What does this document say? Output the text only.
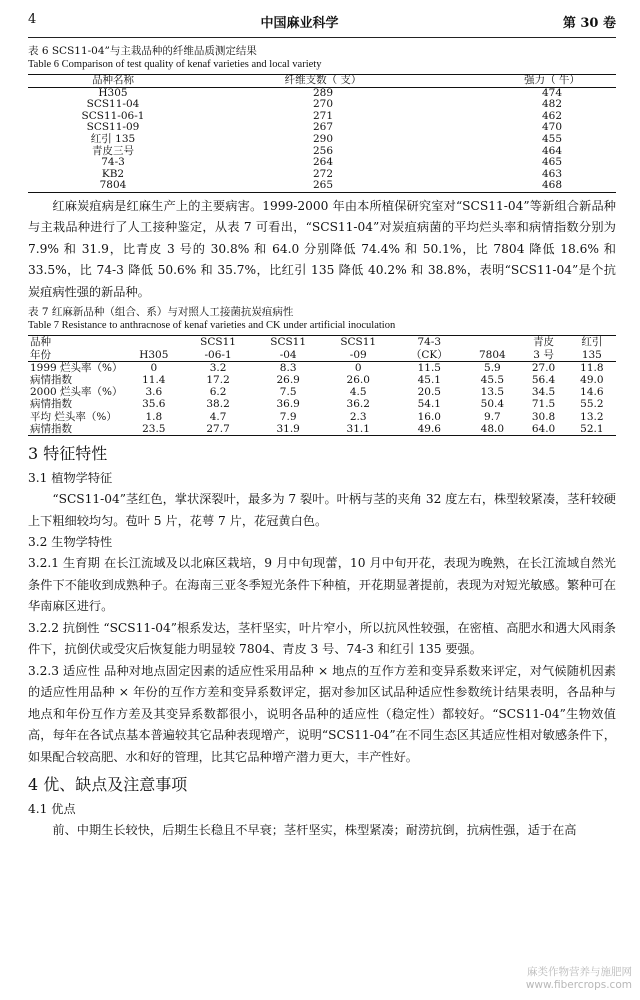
4	中国麻业科学	第 30 卷
表 6 SCS11-04”与主栽品种的纤维品质测定结果
Table 6 Comparison of test quality of kenaf varieties and local variety
品种名称	纤维支数（ 支）	强力（ 牛）
H305	289	474
SCS11-04	270	482
SCS11-06-1	271	462
SCS11-09	267	470
红引 135	290	455
青皮三号	256	464
74-3	264	465
KB2	272	463
7804	265	468

红麻炭疽病是红麻生产上的主要病害。1999-2000 年由本所植保研究室对“SCS11-04”等新组合新品种与主栽品种进行了人工接种鉴定，从表 7 可看出，“SCS11-04”对炭疽病菌的平均烂头率和病情指数分别为 7.9% 和 31.9，比青皮 3 号的 30.8% 和 64.0 分别降低 74.4% 和 50.1%，比 7804 降低 18.6% 和 33.5%，比 74-3 降低 50.6% 和 35.7%，比红引 135 降低 40.2% 和 38.8%，表明“SCS11-04”是个抗炭疽病性强的新品种。

表 7 红麻新品种（组合、系）与对照人工接菌抗炭疽病性
Table 7 Resistance to anthracnose of kenaf varieties and CK under artificial inoculation
品种		SCS11	SCS11	SCS11	74-3		青皮	红引
年份	H305	-06-1	-04	-09	（CK）	7804	3 号	135
1999 烂头率（%）	0	3.2	8.3	0	11.5	5.9	27.0	11.8
病情指数	11.4	17.2	26.9	26.0	45.1	45.5	56.4	49.0
2000 烂头率（%）	3.6	6.2	7.5	4.5	20.5	13.5	34.5	14.6
病情指数	35.6	38.2	36.9	36.2	54.1	50.4	71.5	55.2
平均 烂头率（%）	1.8	4.7	7.9	2.3	16.0	9.7	30.8	13.2
病情指数	23.5	27.7	31.9	31.1	49.6	48.0	64.0	52.1
3 特征特性
3.1 植物学特征

“SCS11-04”茎红色，掌状深裂叶，最多为 7 裂叶。叶柄与茎的夹角 32 度左右，株型较紧凑，茎秆较硬上下粗细较均匀。苞叶 5 片，花萼 7 片，花冠黄白色。

3.2 生物学特性

3.2.1 生育期 在长江流域及以北麻区栽培，9 月中旬现蕾，10 月中旬开花，表现为晚熟，在长江流域自然光条件下不能收到成熟种子。在海南三亚冬季短光条件下种植，开花期显著提前，表现为对短光敏感。繁种可在华南麻区进行。

3.2.2 抗倒性 “SCS11-04”根系发达，茎杆坚实，叶片窄小，所以抗风性较强，在密植、高肥水和遇大风雨条件下，抗倒伏或受灾后恢复能力明显较 7804、青皮 3 号、74-3 和红引 135 要强。

3.2.3 适应性 品种对地点固定因素的适应性采用品种 × 地点的互作方差和变异系数来评定，对气候随机因素的适应性用品种 × 年份的互作方差和变异系数评定，据对参加区试品种适应性参数统计结果表明，各品种与地点和年份互作方差及其变异系数都很小，说明各品种的适应性（稳定性）都较好。“SCS11-04”生物效值高，每年在各试点基本普遍较其它品种表现增产，说明“SCS11-04”在不同生态区其适应性相对敏感条件下，如果配合较高肥、水和好的管理，比其它品种增产潜力更大，丰产性好。

4 优、缺点及注意事项
4.1 优点

前、中期生长较快，后期生长稳且不早衰；茎杆坚实，株型紧凑；耐涝抗倒，抗病性强，适于在高

麻类作物营养与施肥网
www.fibercrops.com
